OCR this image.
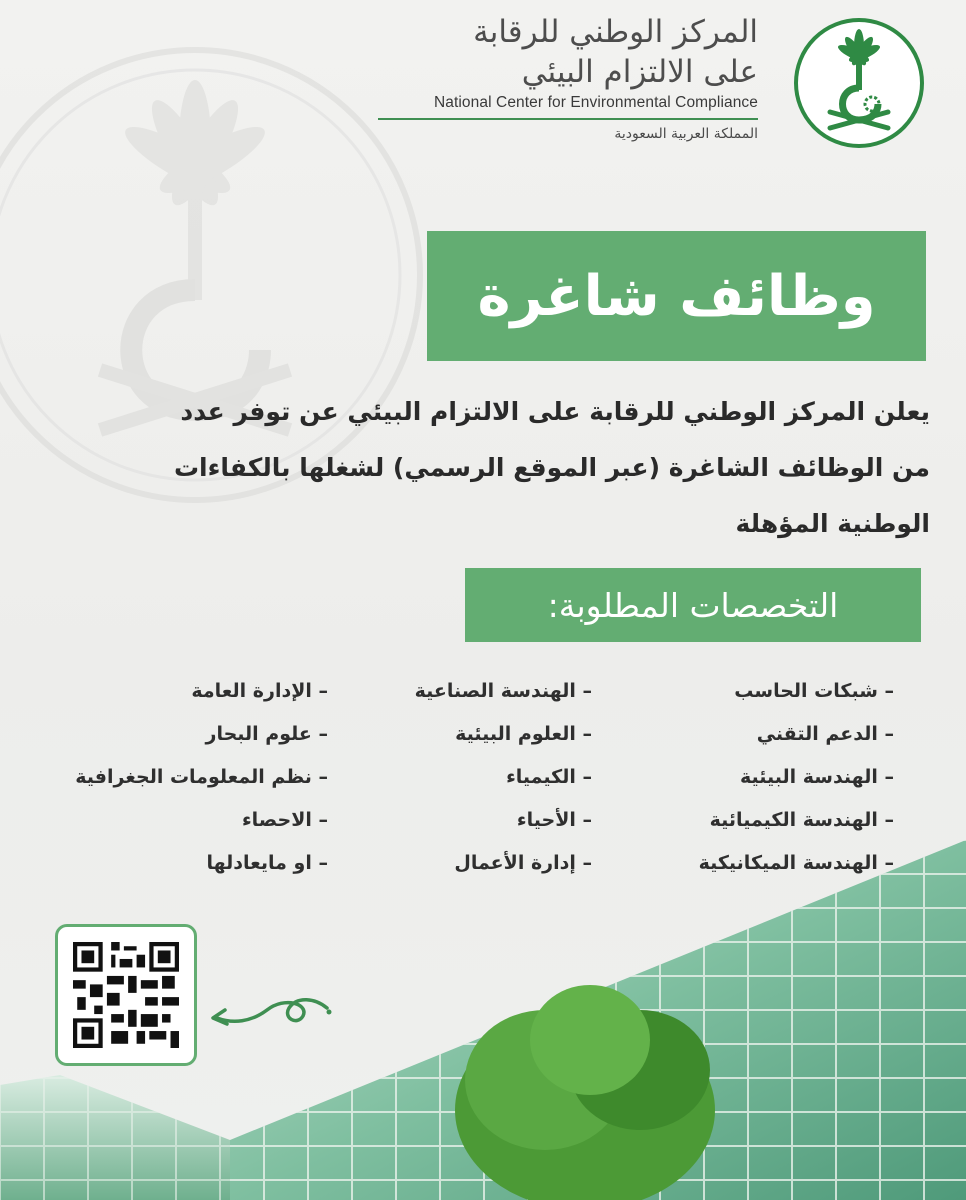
المركز الوطني للرقابة
على الالتزام البيئي
National Center for Environmental Compliance
المملكة العربية السعودية
وظائف شاغرة
يعلن المركز الوطني للرقابة على الالتزام البيئي عن توفر عدد
من الوظائف الشاغرة (عبر الموقع الرسمي) لشغلها بالكفاءات
الوطنية المؤهلة
التخصصات المطلوبة:
– شبكات الحاسب
– الدعم التقني
– الهندسة البيئية
– الهندسة الكيميائية
– الهندسة الميكانيكية
– الهندسة الصناعية
– العلوم البيئية
– الكيمياء
– الأحياء
– إدارة الأعمال
– الإدارة العامة
– علوم البحار
– نظم المعلومات الجغرافية
– الاحصاء
– او مايعادلها
